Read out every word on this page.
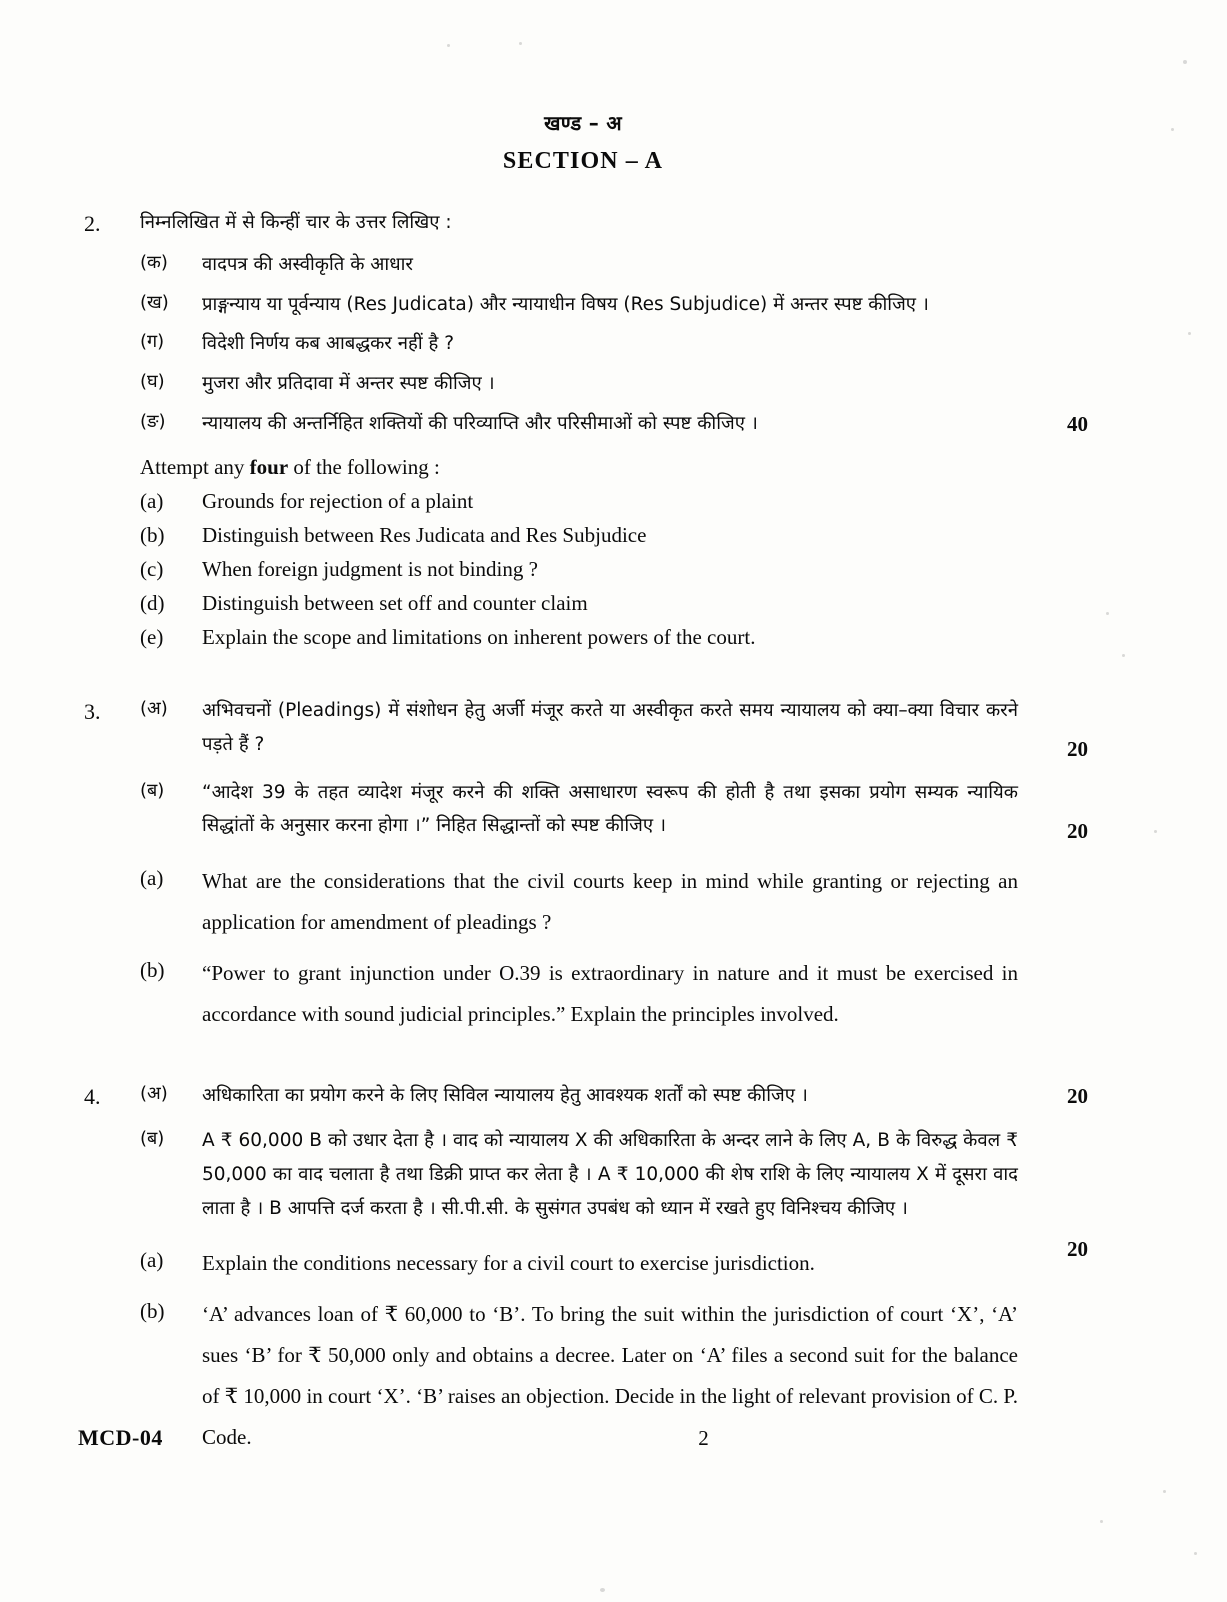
खण्ड – अ
SECTION – A
2.	निम्नलिखित में से किन्हीं चार के उत्तर लिखिए :
(क)	वादपत्र की अस्वीकृति के आधार
(ख)	प्राङ्गन्याय या पूर्वन्याय (Res Judicata) और न्यायाधीन विषय (Res Subjudice) में अन्तर स्पष्ट कीजिए ।
(ग)	विदेशी निर्णय कब आबद्धकर नहीं है ?
(घ)	मुजरा और प्रतिदावा में अन्तर स्पष्ट कीजिए ।
(ङ)	न्यायालय की अन्तर्निहित शक्तियों की परिव्याप्ति और परिसीमाओं को स्पष्ट कीजिए ।	40
Attempt any four of the following :
(a)	Grounds for rejection of a plaint
(b)	Distinguish between Res Judicata and Res Subjudice
(c)	When foreign judgment is not binding ?
(d)	Distinguish between set off and counter claim
(e)	Explain the scope and limitations on inherent powers of the court.
3.	(अ)	अभिवचनों (Pleadings) में संशोधन हेतु अर्जी मंजूर करते या अस्वीकृत करते समय न्यायालय को क्या–क्या विचार करने पड़ते हैं ?	20
(ब)	“आदेश 39 के तहत व्यादेश मंजूर करने की शक्ति असाधारण स्वरूप की होती है तथा इसका प्रयोग सम्यक न्यायिक सिद्धांतों के अनुसार करना होगा ।” निहित सिद्धान्तों को स्पष्ट कीजिए ।	20
(a)	What are the considerations that the civil courts keep in mind while granting or rejecting an application for amendment of pleadings ?
(b)	“Power to grant injunction under O.39 is extraordinary in nature and it must be exercised in accordance with sound judicial principles.” Explain the principles involved.
4.	(अ)	अधिकारिता का प्रयोग करने के लिए सिविल न्यायालय हेतु आवश्यक शर्तों को स्पष्ट कीजिए ।	20
(ब)	A ₹ 60,000 B को उधार देता है । वाद को न्यायालय X की अधिकारिता के अन्दर लाने के लिए A, B के विरुद्ध केवल ₹ 50,000 का वाद चलाता है तथा डिक्री प्राप्त कर लेता है । A ₹ 10,000 की शेष राशि के लिए न्यायालय X में दूसरा वाद लाता है । B आपत्ति दर्ज करता है । सी.पी.सी. के सुसंगत उपबंध को ध्यान में रखते हुए विनिश्चय कीजिए ।
20
(a)	Explain the conditions necessary for a civil court to exercise jurisdiction.
(b)	‘A’ advances loan of ₹ 60,000 to ‘B’. To bring the suit within the jurisdiction of court ‘X’, ‘A’ sues ‘B’ for ₹ 50,000 only and obtains a decree. Later on ‘A’ files a second suit for the balance of ₹ 10,000 in court ‘X’. ‘B’ raises an objection. Decide in the light of relevant provision of C. P. Code.
MCD-04	2
